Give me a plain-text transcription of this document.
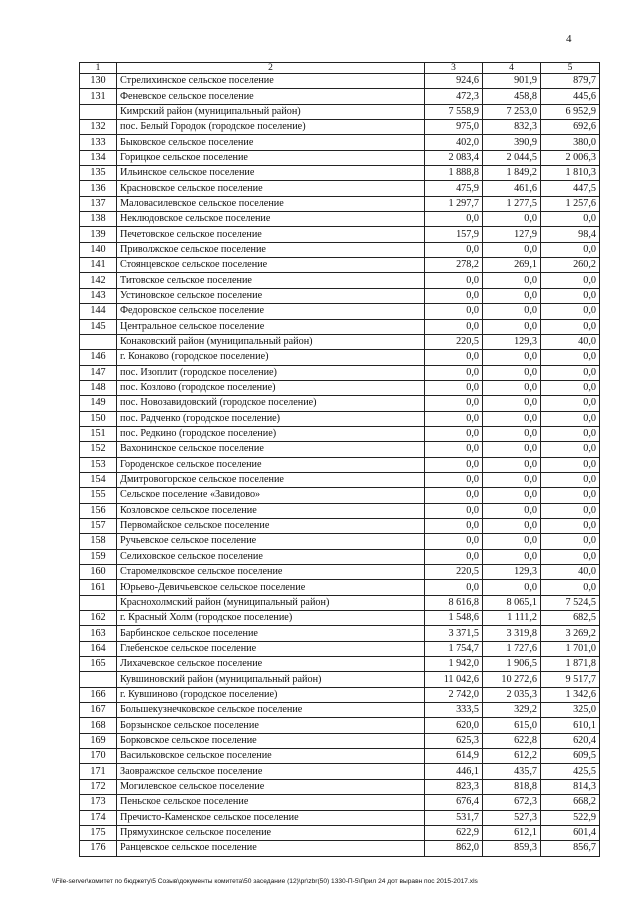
4
1	2	3	4	5
130	Стрелихинское сельское поселение	924,6	901,9	879,7
131	Феневское сельское поселение	472,3	458,8	445,6
	Кимрский район (муниципальный район)	7 558,9	7 253,0	6 952,9
132	пос. Белый Городок (городское поселение)	975,0	832,3	692,6
133	Быковское сельское поселение	402,0	390,9	380,0
134	Горицкое сельское поселение	2 083,4	2 044,5	2 006,3
135	Ильинское сельское поселение	1 888,8	1 849,2	1 810,3
136	Красновское сельское поселение	475,9	461,6	447,5
137	Маловасилевское сельское поселение	1 297,7	1 277,5	1 257,6
138	Неклюдовское сельское поселение	0,0	0,0	0,0
139	Печетовское сельское поселение	157,9	127,9	98,4
140	Приволжское сельское поселение	0,0	0,0	0,0
141	Стоянцевское сельское поселение	278,2	269,1	260,2
142	Титовское сельское поселение	0,0	0,0	0,0
143	Устиновское сельское поселение	0,0	0,0	0,0
144	Федоровское сельское поселение	0,0	0,0	0,0
145	Центральное сельское поселение	0,0	0,0	0,0
	Конаковский район (муниципальный район)	220,5	129,3	40,0
146	г. Конаково (городское поселение)	0,0	0,0	0,0
147	пос. Изоплит (городское поселение)	0,0	0,0	0,0
148	пос. Козлово (городское поселение)	0,0	0,0	0,0
149	пос. Новозавидовский (городское поселение)	0,0	0,0	0,0
150	пос. Радченко (городское поселение)	0,0	0,0	0,0
151	пос. Редкино (городское поселение)	0,0	0,0	0,0
152	Вахонинское сельское поселение	0,0	0,0	0,0
153	Городенское сельское поселение	0,0	0,0	0,0
154	Дмитровогорское сельское поселение	0,0	0,0	0,0
155	Сельское поселение «Завидово»	0,0	0,0	0,0
156	Козловское сельское поселение	0,0	0,0	0,0
157	Первомайское сельское поселение	0,0	0,0	0,0
158	Ручьевское сельское поселение	0,0	0,0	0,0
159	Селиховское сельское поселение	0,0	0,0	0,0
160	Старомелковское сельское поселение	220,5	129,3	40,0
161	Юрьево-Девичьевское сельское поселение	0,0	0,0	0,0
	Краснохолмский район (муниципальный район)	8 616,8	8 065,1	7 524,5
162	г. Красный Холм (городское поселение)	1 548,6	1 111,2	682,5
163	Барбинское сельское поселение	3 371,5	3 319,8	3 269,2
164	Глебенское сельское поселение	1 754,7	1 727,6	1 701,0
165	Лихачевское сельское поселение	1 942,0	1 906,5	1 871,8
	Кувшиновский район (муниципальный район)	11 042,6	10 272,6	9 517,7
166	г. Кувшиново (городское поселение)	2 742,0	2 035,3	1 342,6
167	Большекузнечковское сельское поселение	333,5	329,2	325,0
168	Борзынское сельское поселение	620,0	615,0	610,1
169	Борковское сельское поселение	625,3	622,8	620,4
170	Васильковское сельское поселение	614,9	612,2	609,5
171	Заовражское сельское поселение	446,1	435,7	425,5
172	Могилевское сельское поселение	823,3	818,8	814,3
173	Пеньское сельское поселение	676,4	672,3	668,2
174	Пречисто-Каменское сельское поселение	531,7	527,3	522,9
175	Прямухинское сельское поселение	622,9	612,1	601,4
176	Ранцевское сельское поселение	862,0	859,3	856,7
\\File-server\комитет по бюджету\5 Созыв\документы комитета\50 заседание (12)\pr\zbr(50) 1330-П-5\Прил 24 дот выравн пос 2015-2017.xls
